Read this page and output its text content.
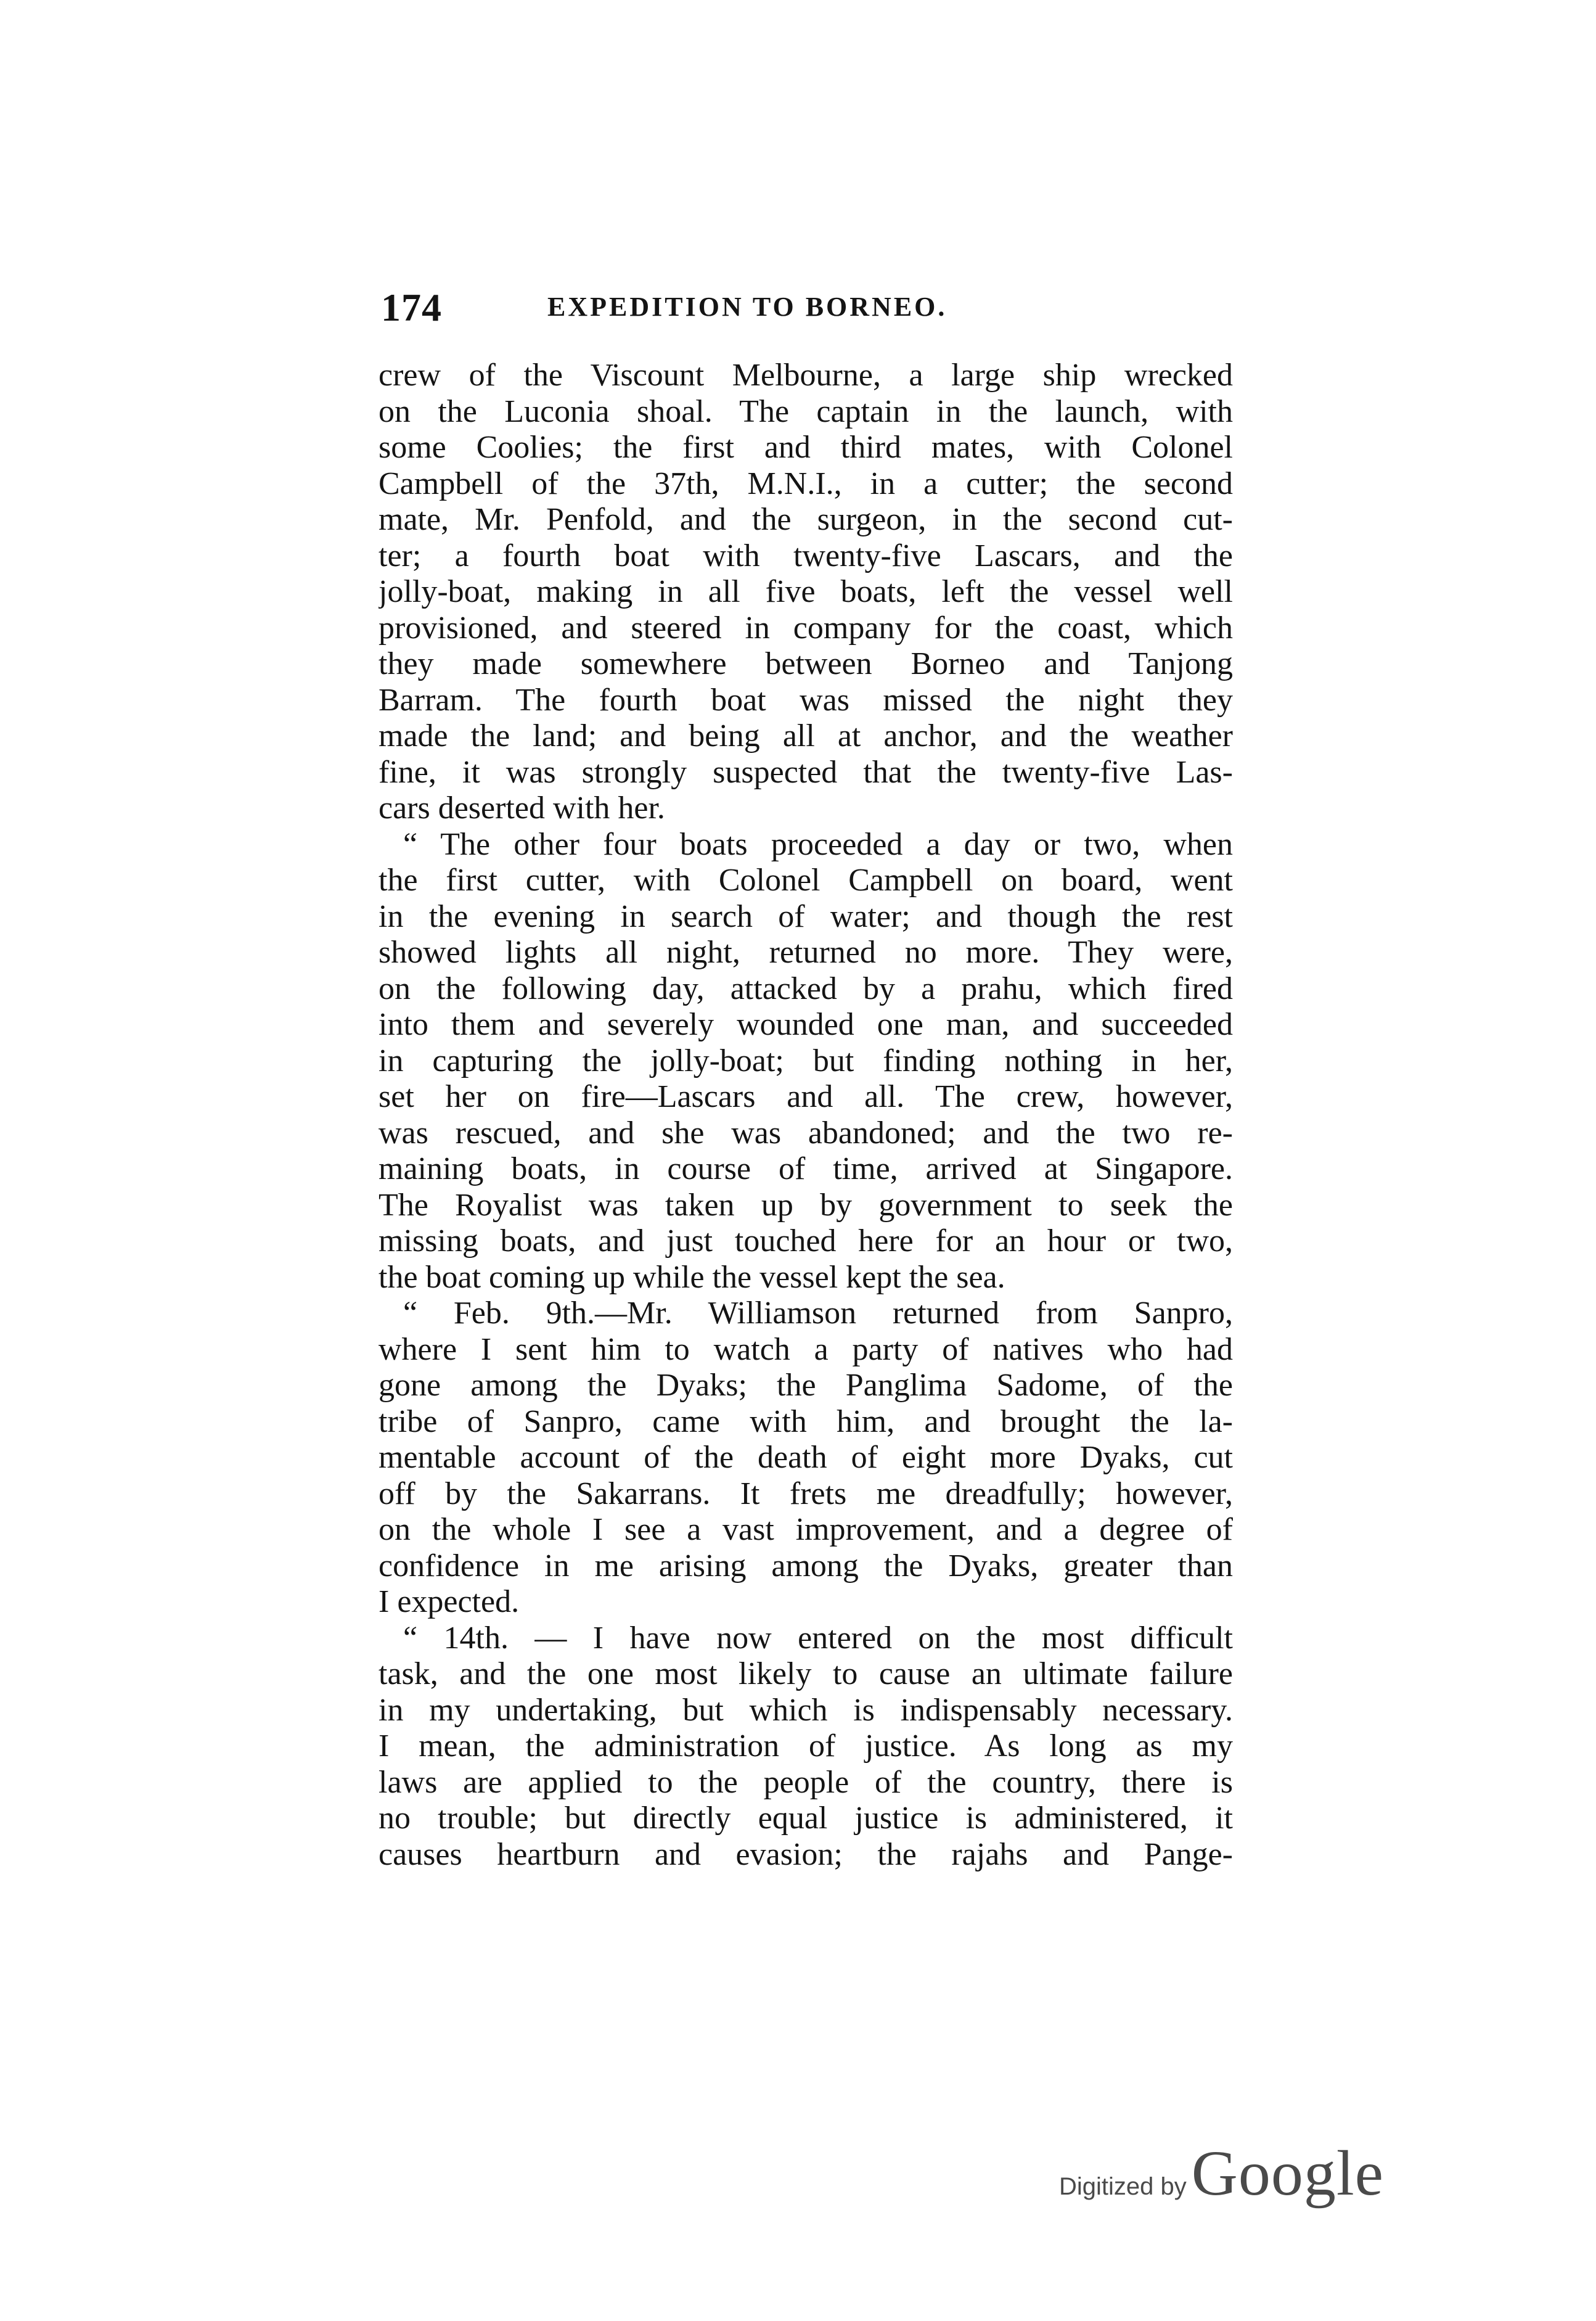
174	EXPEDITION TO BORNEO.
crew of the Viscount Melbourne, a large ship wrecked
on the Luconia shoal. The captain in the launch, with
some Coolies; the first and third mates, with Colonel
Campbell of the 37th, M.N.I., in a cutter; the second
mate, Mr. Penfold, and the surgeon, in the second cut-
ter; a fourth boat with twenty-five Lascars, and the
jolly-boat, making in all five boats, left the vessel well
provisioned, and steered in company for the coast, which
they made somewhere between Borneo and Tanjong
Barram. The fourth boat was missed the night they
made the land; and being all at anchor, and the weather
fine, it was strongly suspected that the twenty-five Las-
cars deserted with her.
“ The other four boats proceeded a day or two, when
the first cutter, with Colonel Campbell on board, went
in the evening in search of water; and though the rest
showed lights all night, returned no more. They were,
on the following day, attacked by a prahu, which fired
into them and severely wounded one man, and succeeded
in capturing the jolly-boat; but finding nothing in her,
set her on fire—Lascars and all. The crew, however,
was rescued, and she was abandoned; and the two re-
maining boats, in course of time, arrived at Singapore.
The Royalist was taken up by government to seek the
missing boats, and just touched here for an hour or two,
the boat coming up while the vessel kept the sea.
“ Feb. 9th.—Mr. Williamson returned from Sanpro,
where I sent him to watch a party of natives who had
gone among the Dyaks; the Panglima Sadome, of the
tribe of Sanpro, came with him, and brought the la-
mentable account of the death of eight more Dyaks, cut
off by the Sakarrans. It frets me dreadfully; however,
on the whole I see a vast improvement, and a degree of
confidence in me arising among the Dyaks, greater than
I expected.
“ 14th. — I have now entered on the most difficult
task, and the one most likely to cause an ultimate failure
in my undertaking, but which is indispensably necessary.
I mean, the administration of justice. As long as my
laws are applied to the people of the country, there is
no trouble; but directly equal justice is administered, it
causes heartburn and evasion; the rajahs and Pange-
Digitized by Google
